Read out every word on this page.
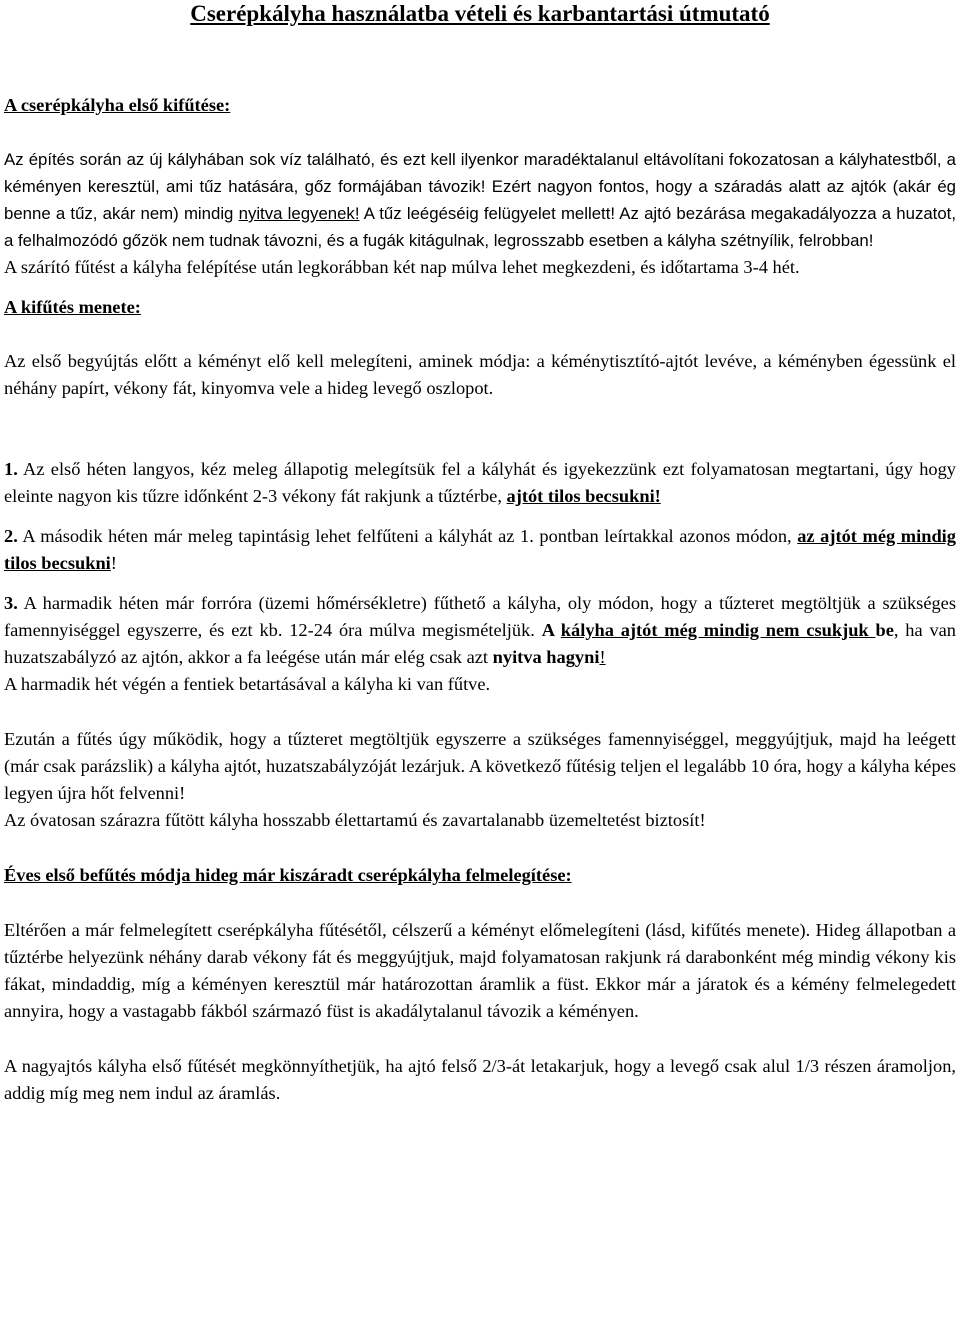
Cserépkályha használatba vételi és karbantartási útmutató
A cserépkályha első kifűtése:

Az építés során az új kályhában sok víz található, és ezt kell ilyenkor maradéktalanul eltávolítani fokozatosan a kályhatestből, a kéményen keresztül, ami tűz hatására, gőz formájában távozik! Ezért nagyon fontos, hogy a száradás alatt az ajtók (akár ég benne a tűz, akár nem) mindig nyitva legyenek! A tűz leégéséig felügyelet mellett! Az ajtó bezárása megakadályozza a huzatot, a felhalmozódó gőzök nem tudnak távozni, és a fugák kitágulnak, legrosszabb esetben a kályha szétnyílik, felrobban!

A szárító fűtést a kályha felépítése után legkorábban két nap múlva lehet megkezdeni, és időtartama 3-4 hét.

A kifűtés menete:

Az első begyújtás előtt a kéményt elő kell melegíteni, aminek módja: a kéménytisztító-ajtót levéve, a kéményben égessünk el néhány papírt, vékony fát, kinyomva vele a hideg levegő oszlopot.

1. Az első héten langyos, kéz meleg állapotig melegítsük fel a kályhát és igyekezzünk ezt folyamatosan megtartani, úgy hogy eleinte nagyon kis tűzre időnként 2-3 vékony fát rakjunk a tűztérbe, ajtót tilos becsukni!

2. A második héten már meleg tapintásig lehet felfűteni a kályhát az 1. pontban leírtakkal azonos módon, az ajtót még mindig tilos becsukni!

3. A harmadik héten már forróra (üzemi hőmérsékletre) fűthető a kályha, oly módon, hogy a tűzteret megtöltjük a szükséges famennyiséggel egyszerre, és ezt kb. 12-24 óra múlva megismételjük. A kályha ajtót még mindig nem csukjuk be, ha van huzatszabályzó az ajtón, akkor a fa leégése után már elég csak azt nyitva hagyni!

A harmadik hét végén a fentiek betartásával a kályha ki van fűtve.

Ezután a fűtés úgy működik, hogy a tűzteret megtöltjük egyszerre a szükséges famennyiséggel, meggyújtjuk, majd ha leégett (már csak parázslik) a kályha ajtót, huzatszabályzóját lezárjuk. A következő fűtésig teljen el legalább 10 óra, hogy a kályha képes legyen újra hőt felvenni!

Az óvatosan szárazra fűtött kályha hosszabb élettartamú és zavartalanabb üzemeltetést biztosít!

Éves első befűtés módja hideg már kiszáradt cserépkályha felmelegítése:

Eltérően a már felmelegített cserépkályha fűtésétől, célszerű a kéményt előmelegíteni (lásd, kifűtés menete). Hideg állapotban a tűztérbe helyezünk néhány darab vékony fát és meggyújtjuk, majd folyamatosan rakjunk rá darabonként még mindig vékony kis fákat, mindaddig, míg a kéményen keresztül már határozottan áramlik a füst. Ekkor már a járatok és a kémény felmelegedett annyira, hogy a vastagabb fákból származó füst is akadálytalanul távozik a kéményen.

A nagyajtós kályha első fűtését megkönnyíthetjük, ha ajtó felső 2/3-át letakarjuk, hogy a levegő csak alul 1/3 részen áramoljon, addig míg meg nem indul az áramlás.
